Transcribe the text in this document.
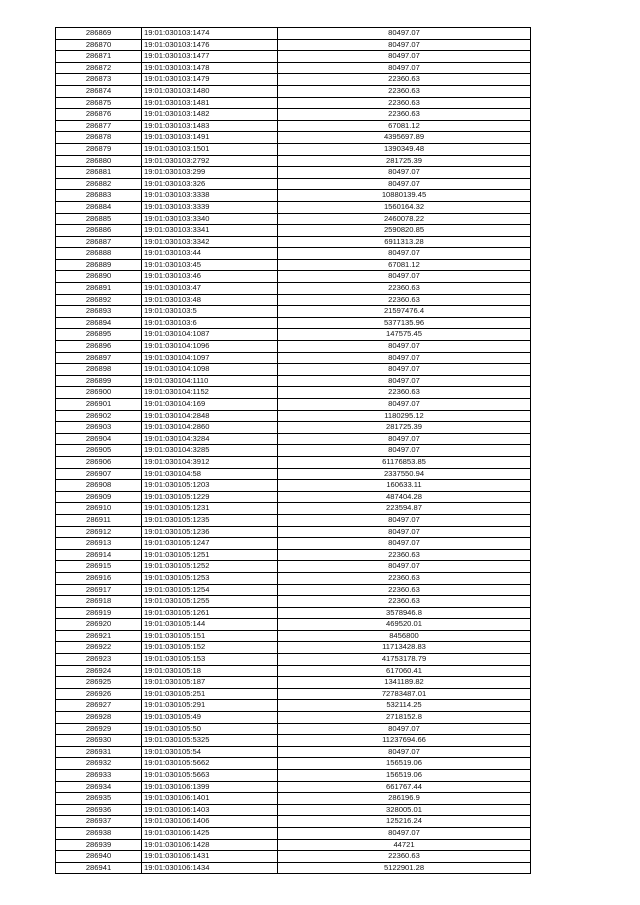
286869	19:01:030103:1474	80497.07
286870	19:01:030103:1476	80497.07
286871	19:01:030103:1477	80497.07
286872	19:01:030103:1478	80497.07
286873	19:01:030103:1479	22360.63
286874	19:01:030103:1480	22360.63
286875	19:01:030103:1481	22360.63
286876	19:01:030103:1482	22360.63
286877	19:01:030103:1483	67081.12
286878	19:01:030103:1491	4395697.89
286879	19:01:030103:1501	1390349.48
286880	19:01:030103:2792	281725.39
286881	19:01:030103:299	80497.07
286882	19:01:030103:326	80497.07
286883	19:01:030103:3338	10880139.45
286884	19:01:030103:3339	1560164.32
286885	19:01:030103:3340	2460078.22
286886	19:01:030103:3341	2590820.85
286887	19:01:030103:3342	6911313.28
286888	19:01:030103:44	80497.07
286889	19:01:030103:45	67081.12
286890	19:01:030103:46	80497.07
286891	19:01:030103:47	22360.63
286892	19:01:030103:48	22360.63
286893	19:01:030103:5	21597476.4
286894	19:01:030103:6	5377135.96
286895	19:01:030104:1087	147575.45
286896	19:01:030104:1096	80497.07
286897	19:01:030104:1097	80497.07
286898	19:01:030104:1098	80497.07
286899	19:01:030104:1110	80497.07
286900	19:01:030104:1152	22360.63
286901	19:01:030104:169	80497.07
286902	19:01:030104:2848	1180295.12
286903	19:01:030104:2860	281725.39
286904	19:01:030104:3284	80497.07
286905	19:01:030104:3285	80497.07
286906	19:01:030104:3912	61176853.85
286907	19:01:030104:58	2337550.94
286908	19:01:030105:1203	160633.11
286909	19:01:030105:1229	487404.28
286910	19:01:030105:1231	223594.87
286911	19:01:030105:1235	80497.07
286912	19:01:030105:1236	80497.07
286913	19:01:030105:1247	80497.07
286914	19:01:030105:1251	22360.63
286915	19:01:030105:1252	80497.07
286916	19:01:030105:1253	22360.63
286917	19:01:030105:1254	22360.63
286918	19:01:030105:1255	22360.63
286919	19:01:030105:1261	3578946.8
286920	19:01:030105:144	469520.01
286921	19:01:030105:151	8456800
286922	19:01:030105:152	11713428.83
286923	19:01:030105:153	41753178.79
286924	19:01:030105:18	617060.41
286925	19:01:030105:187	1341189.82
286926	19:01:030105:251	72783487.01
286927	19:01:030105:291	532114.25
286928	19:01:030105:49	2718152.8
286929	19:01:030105:50	80497.07
286930	19:01:030105:5325	11237694.66
286931	19:01:030105:54	80497.07
286932	19:01:030105:5662	156519.06
286933	19:01:030105:5663	156519.06
286934	19:01:030106:1399	661767.44
286935	19:01:030106:1401	286196.9
286936	19:01:030106:1403	328005.01
286937	19:01:030106:1406	125216.24
286938	19:01:030106:1425	80497.07
286939	19:01:030106:1428	44721
286940	19:01:030106:1431	22360.63
286941	19:01:030106:1434	5122901.28
